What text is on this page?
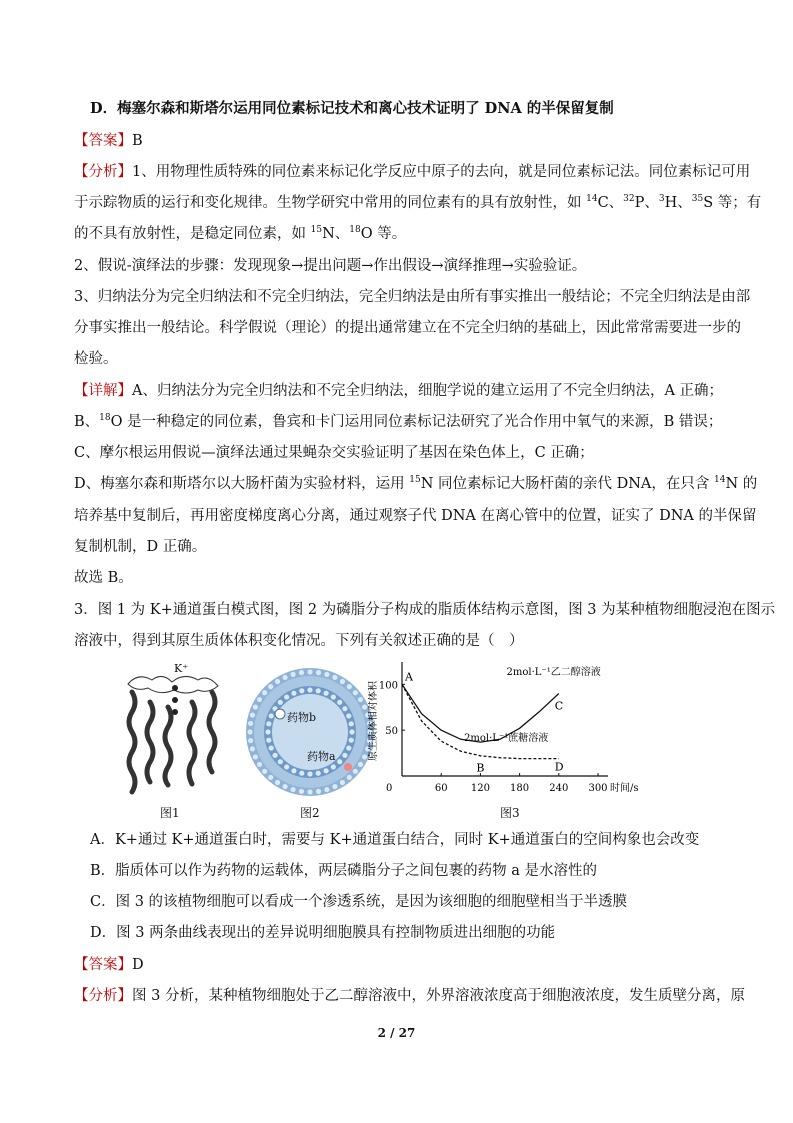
D．梅塞尔森和斯塔尔运用同位素标记技术和离心技术证明了 DNA 的半保留复制
【答案】B
【分析】1、用物理性质特殊的同位素来标记化学反应中原子的去向，就是同位素标记法。同位素标记可用
于示踪物质的运行和变化规律。生物学研究中常用的同位素有的具有放射性，如 $^{14}$C、$^{32}$P、$^3$H、$^{35}$S 等；有
的不具有放射性，是稳定同位素，如 $^{15}$N、$^{18}$O 等。
2、假说-演绎法的步骤：发现现象→提出问题→作出假设→演绎推理→实验验证。
3、归纳法分为完全归纳法和不完全归纳法，完全归纳法是由所有事实推出一般结论；不完全归纳法是由部
分事实推出一般结论。科学假说（理论）的提出通常建立在不完全归纳的基础上，因此常常需要进一步的
检验。
【详解】A、归纳法分为完全归纳法和不完全归纳法，细胞学说的建立运用了不完全归纳法，A 正确；
B、$^{18}$O 是一种稳定的同位素，鲁宾和卡门运用同位素标记法研究了光合作用中氧气的来源，B 错误；
C、摩尔根运用假说—演绎法通过果蝇杂交实验证明了基因在染色体上，C 正确；
D、梅塞尔森和斯塔尔以大肠杆菌为实验材料，运用 $^{15}$N 同位素标记大肠杆菌的亲代 DNA，在只含 $^{14}$N 的
培养基中复制后，再用密度梯度离心分离，通过观察子代 DNA 在离心管中的位置，证实了 DNA 的半保留
复制机制，D 正确。
故选 B。
3．图 1 为 K+通道蛋白模式图，图 2 为磷脂分子构成的脂质体结构示意图，图 3 为某种植物细胞浸泡在图示
溶液中，得到其原生质体体积变化情况。下列有关叙述正确的是（　）
K⁺
图1
药物b
药物a
图2
0	60 120 180 240 300 时间/s
100
50
原生质体相对体积
2mol·L⁻¹乙二醇溶液
2mol·L⁻¹蔗糖溶液
A
B
C
D
图3
A．K+通过 K+通道蛋白时，需要与 K+通道蛋白结合，同时 K+通道蛋白的空间构象也会改变
B．脂质体可以作为药物的运载体，两层磷脂分子之间包裹的药物 a 是水溶性的
C．图 3 的该植物细胞可以看成一个渗透系统，是因为该细胞的细胞壁相当于半透膜
D．图 3 两条曲线表现出的差异说明细胞膜具有控制物质进出细胞的功能
【答案】D
【分析】图 3 分析，某种植物细胞处于乙二醇溶液中，外界溶液浓度高于细胞液浓度，发生质壁分离，原
2 / 27
